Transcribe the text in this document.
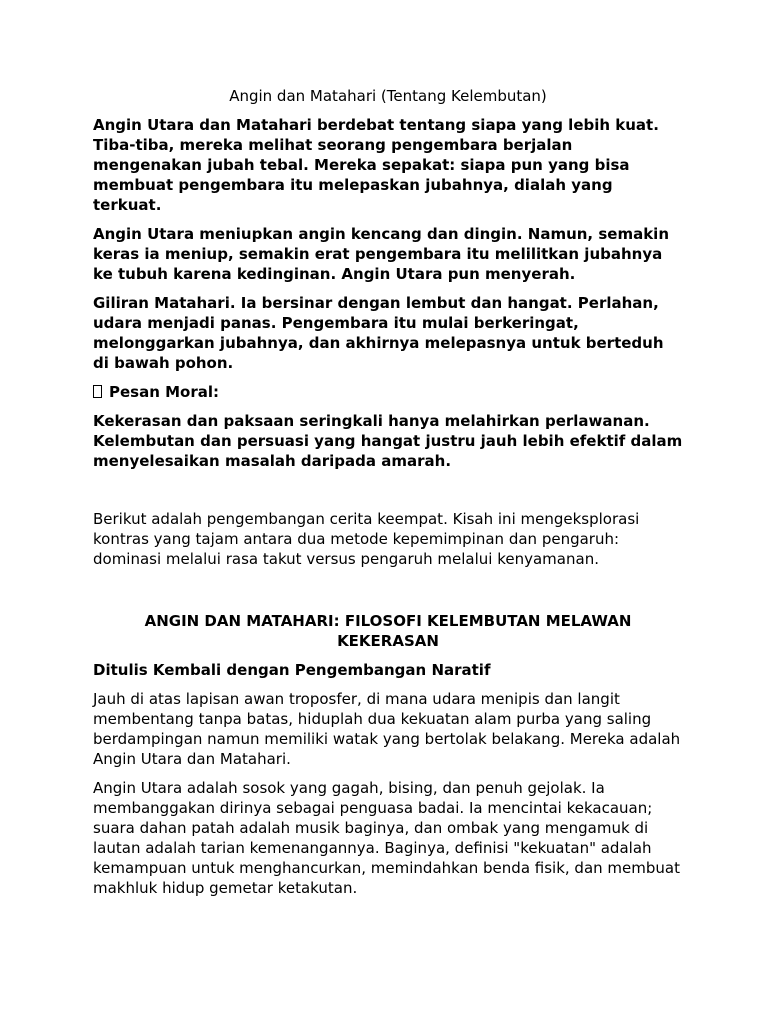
Angin dan Matahari (Tentang Kelembutan)

Angin Utara dan Matahari berdebat tentang siapa yang lebih kuat. Tiba-tiba, mereka melihat seorang pengembara berjalan mengenakan jubah tebal. Mereka sepakat: siapa pun yang bisa membuat pengembara itu melepaskan jubahnya, dialah yang terkuat.

Angin Utara meniupkan angin kencang dan dingin. Namun, semakin keras ia meniup, semakin erat pengembara itu melilitkan jubahnya ke tubuh karena kedinginan. Angin Utara pun menyerah.

Giliran Matahari. Ia bersinar dengan lembut dan hangat. Perlahan, udara menjadi panas. Pengembara itu mulai berkeringat, melonggarkan jubahnya, dan akhirnya melepasnya untuk berteduh di bawah pohon.

Pesan Moral:

Kekerasan dan paksaan seringkali hanya melahirkan perlawanan. Kelembutan dan persuasi yang hangat justru jauh lebih efektif dalam menyelesaikan masalah daripada amarah.

Berikut adalah pengembangan cerita keempat. Kisah ini mengeksplorasi kontras yang tajam antara dua metode kepemimpinan dan pengaruh: dominasi melalui rasa takut versus pengaruh melalui kenyamanan.

ANGIN DAN MATAHARI: FILOSOFI KELEMBUTAN MELAWAN

KEKERASAN

Ditulis Kembali dengan Pengembangan Naratif

Jauh di atas lapisan awan troposfer, di mana udara menipis dan langit membentang tanpa batas, hiduplah dua kekuatan alam purba yang saling berdampingan namun memiliki watak yang bertolak belakang. Mereka adalah Angin Utara dan Matahari.

Angin Utara adalah sosok yang gagah, bising, dan penuh gejolak. Ia membanggakan dirinya sebagai penguasa badai. Ia mencintai kekacauan; suara dahan patah adalah musik baginya, dan ombak yang mengamuk di lautan adalah tarian kemenangannya. Baginya, definisi "kekuatan" adalah kemampuan untuk menghancurkan, memindahkan benda fisik, dan membuat makhluk hidup gemetar ketakutan.
